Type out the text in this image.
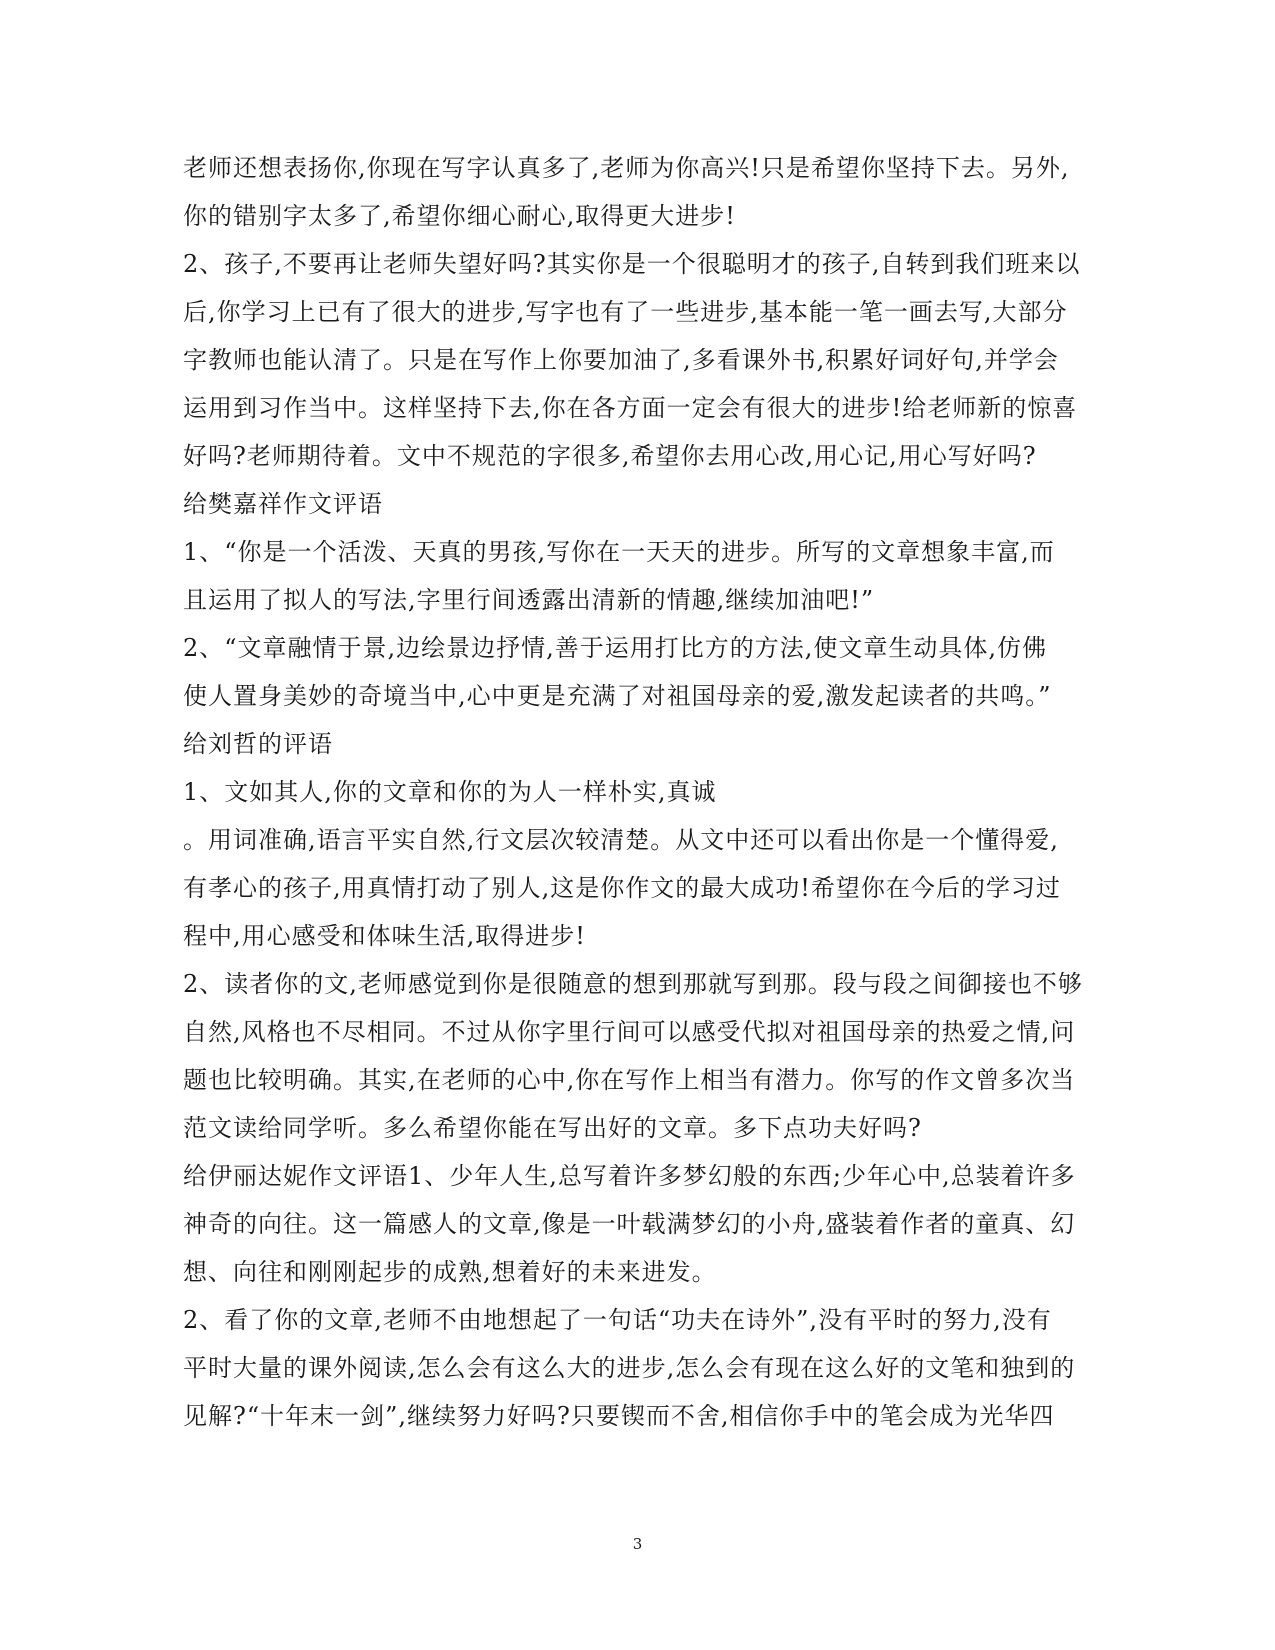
老师还想表扬你,你现在写字认真多了,老师为你高兴!只是希望你坚持下去。另外,
你的错别字太多了,希望你细心耐心,取得更大进步!
2、孩子,不要再让老师失望好吗?其实你是一个很聪明才的孩子,自转到我们班来以
后,你学习上已有了很大的进步,写字也有了一些进步,基本能一笔一画去写,大部分
字教师也能认清了。只是在写作上你要加油了,多看课外书,积累好词好句,并学会
运用到习作当中。这样坚持下去,你在各方面一定会有很大的进步!给老师新的惊喜
好吗?老师期待着。文中不规范的字很多,希望你去用心改,用心记,用心写好吗?
给樊嘉祥作文评语
1、“你是一个活泼、天真的男孩,写你在一天天的进步。所写的文章想象丰富,而
且运用了拟人的写法,字里行间透露出清新的情趣,继续加油吧!”
2、“文章融情于景,边绘景边抒情,善于运用打比方的方法,使文章生动具体,仿佛
使人置身美妙的奇境当中,心中更是充满了对祖国母亲的爱,激发起读者的共鸣。”
给刘哲的评语
1、文如其人,你的文章和你的为人一样朴实,真诚
。用词准确,语言平实自然,行文层次较清楚。从文中还可以看出你是一个懂得爱,
有孝心的孩子,用真情打动了别人,这是你作文的最大成功!希望你在今后的学习过
程中,用心感受和体味生活,取得进步!
2、读者你的文,老师感觉到你是很随意的想到那就写到那。段与段之间御接也不够
自然,风格也不尽相同。不过从你字里行间可以感受代拟对祖国母亲的热爱之情,问
题也比较明确。其实,在老师的心中,你在写作上相当有潜力。你写的作文曾多次当
范文读给同学听。多么希望你能在写出好的文章。多下点功夫好吗?
给伊丽达妮作文评语1、少年人生,总写着许多梦幻般的东西;少年心中,总装着许多
神奇的向往。这一篇感人的文章,像是一叶载满梦幻的小舟,盛装着作者的童真、幻
想、向往和刚刚起步的成熟,想着好的未来进发。
2、看了你的文章,老师不由地想起了一句话“功夫在诗外”,没有平时的努力,没有
平时大量的课外阅读,怎么会有这么大的进步,怎么会有现在这么好的文笔和独到的
见解?“十年末一剑”,继续努力好吗?只要锲而不舍,相信你手中的笔会成为光华四
3
